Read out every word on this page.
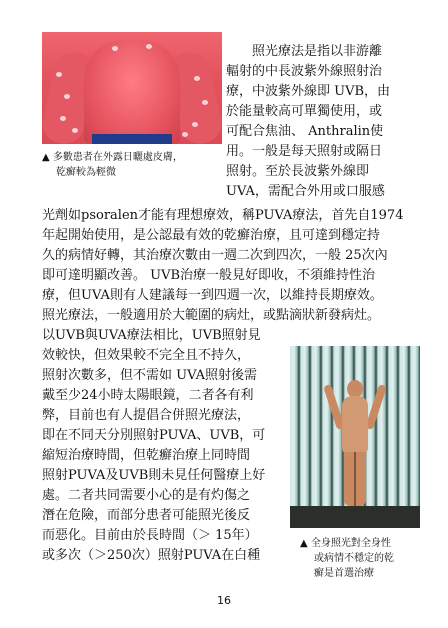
▲ 多數患者在外露日曬處皮膚，
乾癬較為輕微
照光療法是指以非游離
輻射的中長波紫外線照射治
療，中波紫外線即 UVB，由
於能量較高可單獨使用，或
可配合焦油、 Anthralin使
用。一般是每天照射或隔日
照射。至於長波紫外線即
UVA，需配合外用或口服感
光劑如psoralen才能有理想療效，稱PUVA療法，首先自1974
年起開始使用，是公認最有效的乾癬治療，且可達到穩定持
久的病情好轉，其治療次數由一週二次到四次，一般 25次內
即可達明顯改善。 UVB治療一般見好即收，不須維持性治
療，但UVA則有人建議每一到四週一次，以維持長期療效。
照光療法，一般適用於大範圍的病灶，或點滴狀新發病灶。
以UVB與UVA療法相比，UVB照射見
效較快，但效果較不完全且不持久，
照射次數多，但不需如 UVA照射後需
戴至少24小時太陽眼鏡，二者各有利
弊，目前也有人提倡合併照光療法，
即在不同天分別照射PUVA、UVB，可
縮短治療時間，但乾癬治療上同時間
照射PUVA及UVB則未見任何醫療上好
處。二者共同需要小心的是有灼傷之
潛在危險，而部分患者可能照光後反
而惡化。目前由於長時間（＞ 15年）
或多次（＞250次）照射PUVA在白種
▲ 全身照光對全身性
或病情不穩定的乾
癬是首選治療
16
